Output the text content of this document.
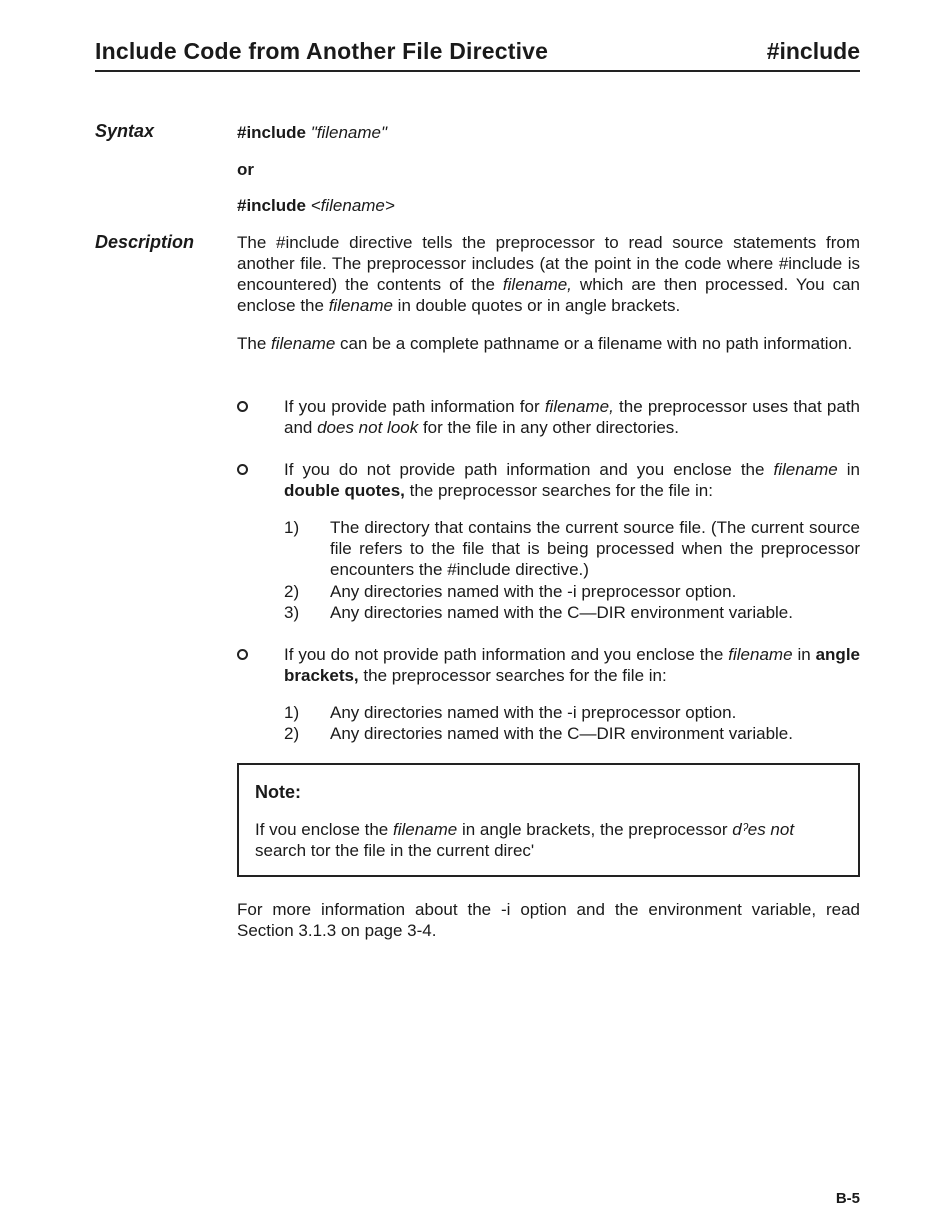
Include Code from Another File Directive	#include
Syntax	#include "filename"
or
#include <filename>
Description	The #include directive tells the preprocessor to read source statements from another file. The preprocessor includes (at the point in the code where #include is encountered) the contents of the filename, which are then processed. You can enclose the filename in double quotes or in angle brackets.
The filename can be a complete pathname or a filename with no path information.
If you provide path information for filename, the preprocessor uses that path and does not look for the file in any other directories.
If you do not provide path information and you enclose the filename in double quotes, the preprocessor searches for the file in:
1)	The directory that contains the current source file. (The current source file refers to the file that is being processed when the preprocessor encounters the #include directive.)
2)	Any directories named with the -i preprocessor option.
3)	Any directories named with the C—DIR environment variable.
If you do not provide path information and you enclose the filename in angle brackets, the preprocessor searches for the file in:
1)	Any directories named with the -i preprocessor option.
2)	Any directories named with the C—DIR environment variable.
Note:
If vou enclose the filename in angle brackets, the preprocessor dˀes not search tor the file in the current direc'
For more information about the -i option and the environment variable, read Section 3.1.3 on page 3-4.
B-5
